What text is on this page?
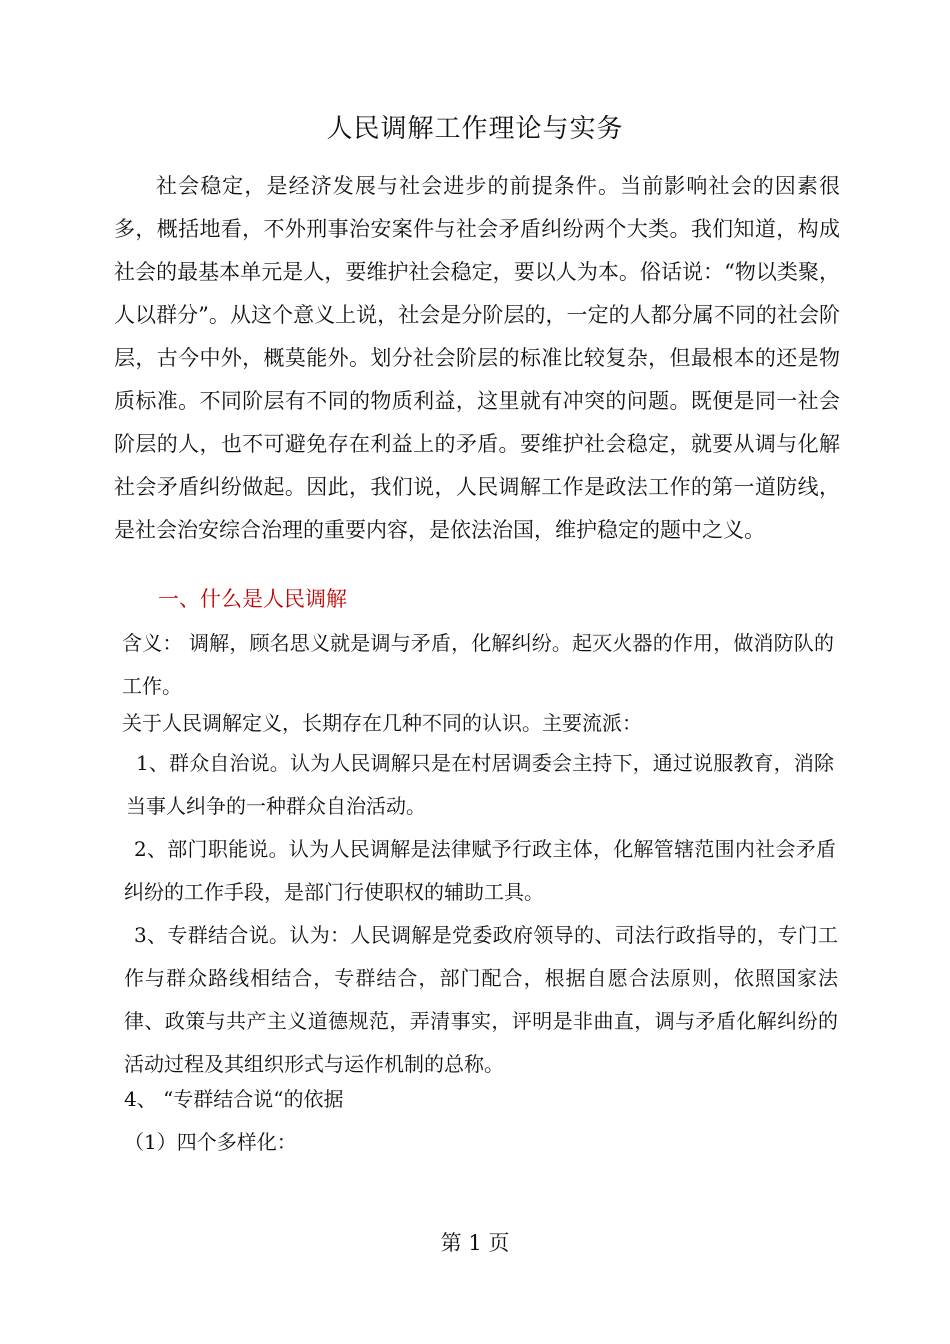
人民调解工作理论与实务

社会稳定，是经济发展与社会进步的前提条件。当前影响社会的因素很多，概括地看，不外刑事治安案件与社会矛盾纠纷两个大类。我们知道，构成社会的最基本单元是人，要维护社会稳定，要以人为本。俗话说：“物以类聚，人以群分”。从这个意义上说，社会是分阶层的，一定的人都分属不同的社会阶层，古今中外，概莫能外。划分社会阶层的标准比较复杂，但最根本的还是物质标准。不同阶层有不同的物质利益，这里就有冲突的问题。既便是同一社会阶层的人，也不可避免存在利益上的矛盾。要维护社会稳定，就要从调与化解社会矛盾纠纷做起。因此，我们说，人民调解工作是政法工作的第一道防线，是社会治安综合治理的重要内容，是依法治国，维护稳定的题中之义。

一、什么是人民调解

含义： 调解，顾名思义就是调与矛盾，化解纠纷。起灭火器的作用，做消防队的工作。

关于人民调解定义，长期存在几种不同的认识。主要流派：

1、群众自治说。认为人民调解只是在村居调委会主持下，通过说服教育，消除当事人纠争的一种群众自治活动。

2、部门职能说。认为人民调解是法律赋予行政主体，化解管辖范围内社会矛盾纠纷的工作手段，是部门行使职权的辅助工具。

3、专群结合说。认为：人民调解是党委政府领导的、司法行政指导的，专门工作与群众路线相结合，专群结合，部门配合，根据自愿合法原则，依照国家法律、政策与共产主义道德规范，弄清事实，评明是非曲直，调与矛盾化解纠纷的活动过程及其组织形式与运作机制的总称。

4、 “专群结合说“的依据

（1）四个多样化：

第 1 页
